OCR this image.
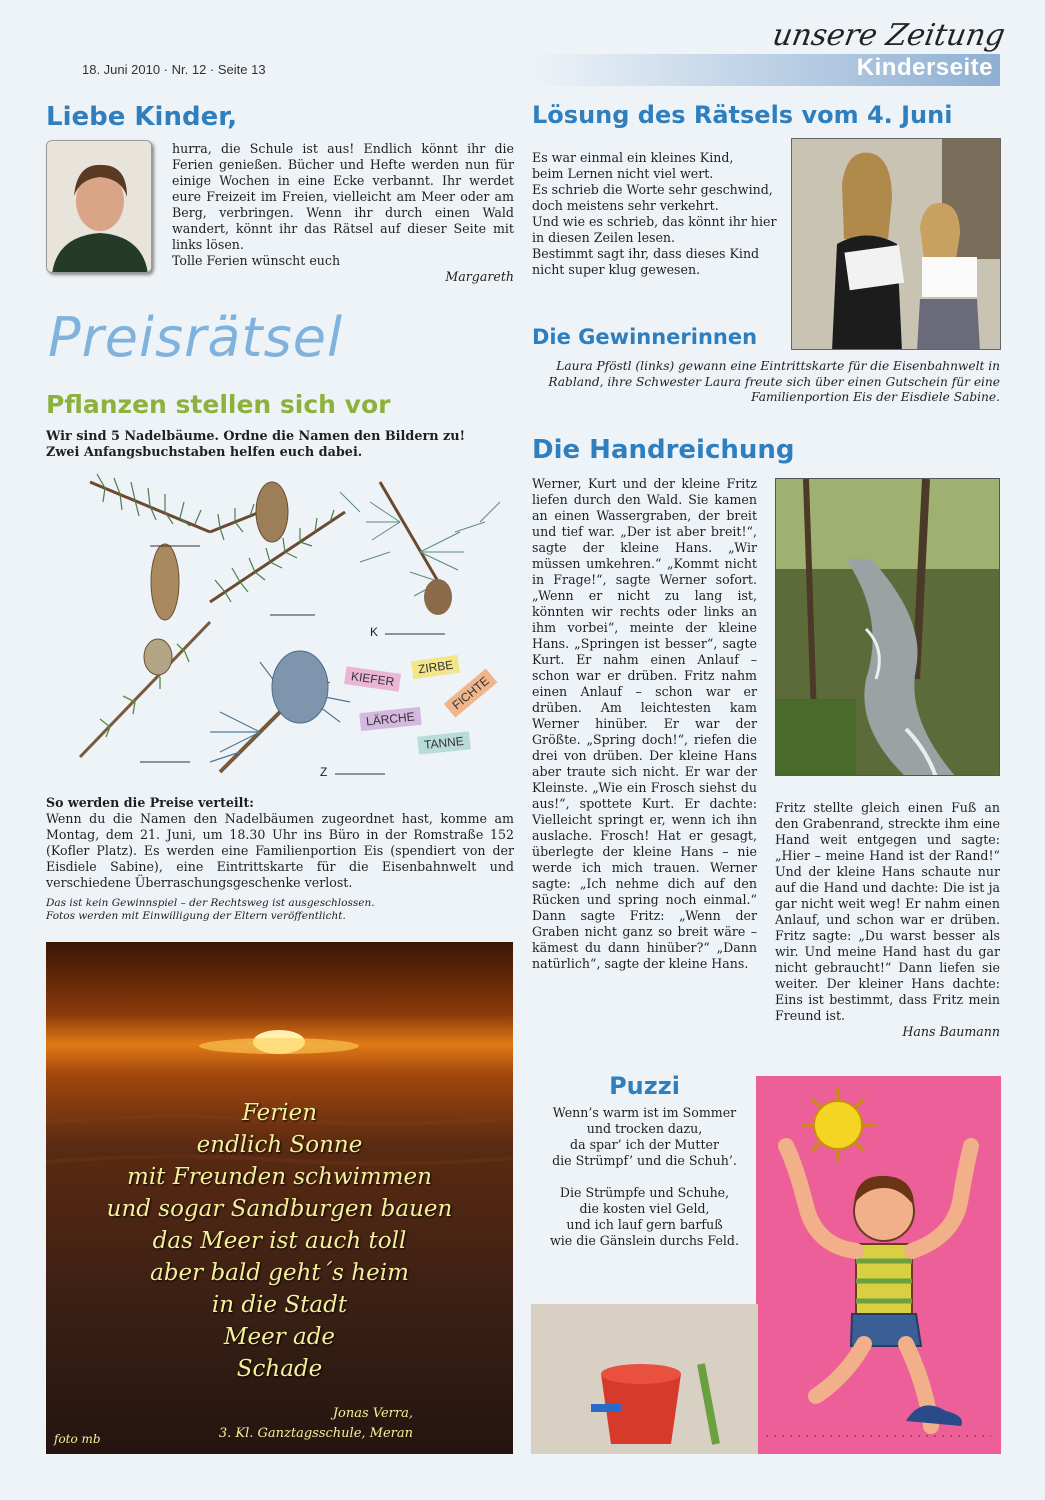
18. Juni 2010 · Nr. 12 · Seite 13
unsere Zeitung
Kinderseite
Liebe Kinder,
hurra, die Schule ist aus! Endlich könnt ihr die Ferien genießen. Bücher und Hefte werden nun für einige Wochen in eine Ecke verbannt. Ihr werdet eure Freizeit im Freien, vielleicht am Meer oder am Berg, verbringen. Wenn ihr durch einen Wald wandert, könnt ihr das Rätsel auf dieser Seite mit links lösen.
Tolle Ferien wünscht euch
Margareth
Lösung des Rätsels vom 4. Juni
Es war einmal ein kleines Kind,
beim Lernen nicht viel wert.
Es schrieb die Worte sehr geschwind,
doch meistens sehr verkehrt.
Und wie es schrieb, das könnt ihr hier
in diesen Zeilen lesen.
Bestimmt sagt ihr, dass dieses Kind
nicht super klug gewesen.
Die Gewinnerinnen
Laura Pföstl (links) gewann eine Eintrittskarte für die Eisenbahnwelt in Rabland, ihre Schwester Laura freute sich über einen Gutschein für eine Familienportion Eis der Eisdiele Sabine.
Preisrätsel
Pflanzen stellen sich vor
Wir sind 5 Nadelbäume. Ordne die Namen den Bildern zu!
Zwei Anfangsbuchstaben helfen euch dabei.
K
Z
KIEFER
ZIRBE
FICHTE
LÄRCHE
TANNE
So werden die Preise verteilt:
Wenn du die Namen den Nadelbäumen zugeordnet hast, komme am Montag, dem 21. Juni, um 18.30 Uhr ins Büro in der Romstraße 152 (Kofler Platz). Es werden eine Familienportion Eis (spendiert von der Eisdiele Sabine), eine Eintrittskarte für die Eisenbahnwelt und verschiedene Überraschungsgeschenke verlost.
Das ist kein Gewinnspiel – der Rechtsweg ist ausgeschlossen.
Fotos werden mit Einwilligung der Eltern veröffentlicht.
Ferien
endlich Sonne
mit Freunden schwimmen
und sogar Sandburgen bauen
das Meer ist auch toll
aber bald geht´s heim
in die Stadt
Meer ade
Schade
Jonas Verra,
3. Kl. Ganztagsschule, Meran
foto mb
Die Handreichung
Werner, Kurt und der kleine Fritz liefen durch den Wald. Sie kamen an einen Wassergraben, der breit und tief war. „Der ist aber breit!“, sagte der kleine Hans. „Wir müssen umkehren.“ „Kommt nicht in Frage!“, sagte Werner sofort. „Wenn er nicht zu lang ist, könnten wir rechts oder links an ihm vorbei“, meinte der kleine Hans. „Springen ist besser“, sagte Kurt. Er nahm einen Anlauf – schon war er drüben. Fritz nahm einen Anlauf – schon war er drüben. Am leichtesten kam Werner hinüber. Er war der Größte. „Spring doch!“, riefen die drei von drüben. Der kleine Hans aber traute sich nicht. Er war der Kleinste. „Wie ein Frosch siehst du aus!“, spottete Kurt. Er dachte: Vielleicht springt er, wenn ich ihn auslache. Frosch! Hat er gesagt, überlegte der kleine Hans – nie werde ich mich trauen. Werner sagte: „Ich nehme dich auf den Rücken und spring noch einmal.“ Dann sagte Fritz: „Wenn der Graben nicht ganz so breit wäre – kämest du dann hinüber?“ „Dann natürlich“, sagte der kleine Hans.
Fritz stellte gleich einen Fuß an den Grabenrand, streckte ihm eine Hand weit entgegen und sagte: „Hier – meine Hand ist der Rand!“ Und der kleine Hans schaute nur auf die Hand und dachte: Die ist ja gar nicht weit weg! Er nahm einen Anlauf, und schon war er drüben. Fritz sagte: „Du warst besser als wir. Und meine Hand hast du gar nicht gebraucht!“ Dann liefen sie weiter. Der kleiner Hans dachte: Eins ist bestimmt, dass Fritz mein Freund ist.
Hans Baumann
Puzzi
Wenn’s warm ist im Sommer
und trocken dazu,
da spar’ ich der Mutter
die Strümpf’ und die Schuh’.
Die Strümpfe und Schuhe,
die kosten viel Geld,
und ich lauf gern barfuß
wie die Gänslein durchs Feld.
